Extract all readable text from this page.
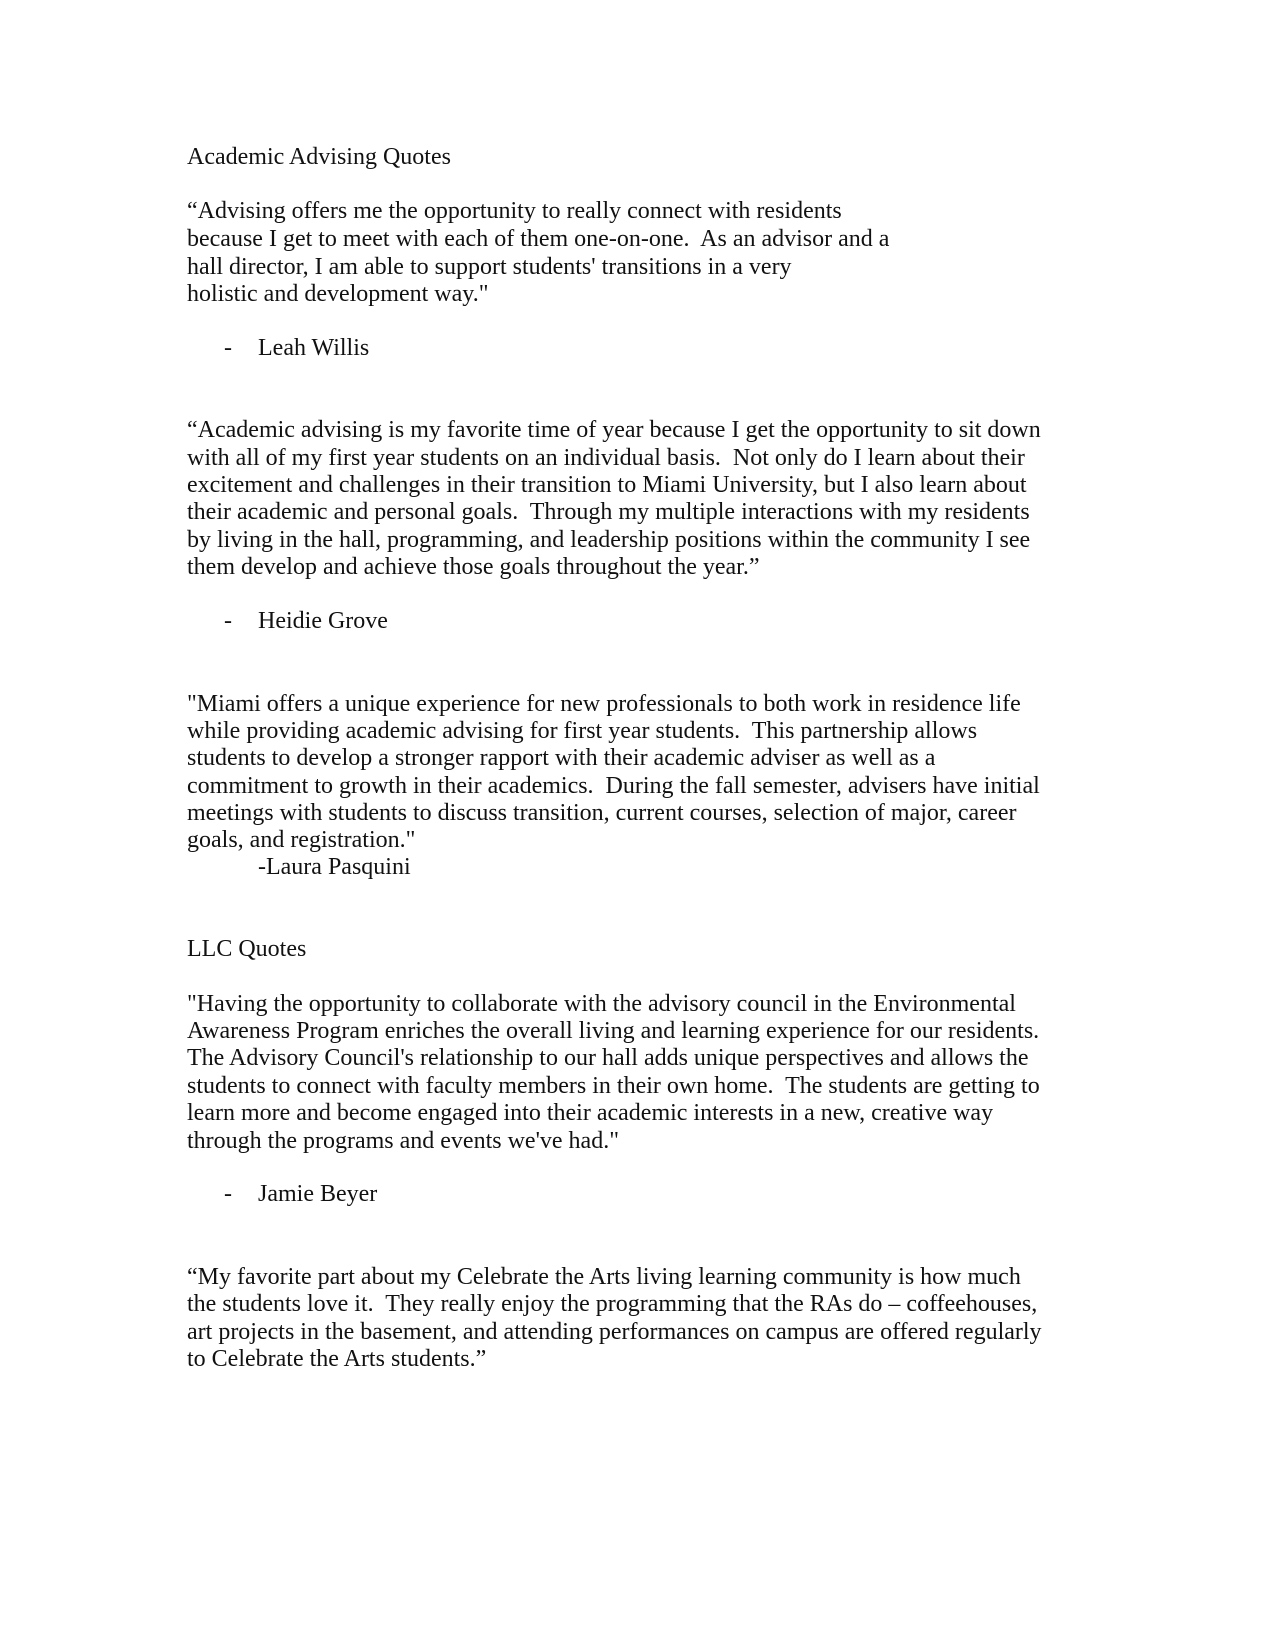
Academic Advising Quotes
“Advising offers me the opportunity to really connect with residents
because I get to meet with each of them one-on-one.  As an advisor and a
hall director, I am able to support students' transitions in a very
holistic and development way."
- Leah Willis
“Academic advising is my favorite time of year because I get the opportunity to sit down
with all of my first year students on an individual basis.  Not only do I learn about their
excitement and challenges in their transition to Miami University, but I also learn about
their academic and personal goals.  Through my multiple interactions with my residents
by living in the hall, programming, and leadership positions within the community I see
them develop and achieve those goals throughout the year.”
- Heidie Grove
"Miami offers a unique experience for new professionals to both work in residence life
while providing academic advising for first year students.  This partnership allows
students to develop a stronger rapport with their academic adviser as well as a
commitment to growth in their academics.  During the fall semester, advisers have initial
meetings with students to discuss transition, current courses, selection of major, career
goals, and registration."
-Laura Pasquini
LLC Quotes
"Having the opportunity to collaborate with the advisory council in the Environmental
Awareness Program enriches the overall living and learning experience for our residents.
The Advisory Council's relationship to our hall adds unique perspectives and allows the
students to connect with faculty members in their own home.  The students are getting to
learn more and become engaged into their academic interests in a new, creative way
through the programs and events we've had."
- Jamie Beyer
“My favorite part about my Celebrate the Arts living learning community is how much
the students love it.  They really enjoy the programming that the RAs do – coffeehouses,
art projects in the basement, and attending performances on campus are offered regularly
to Celebrate the Arts students.”
